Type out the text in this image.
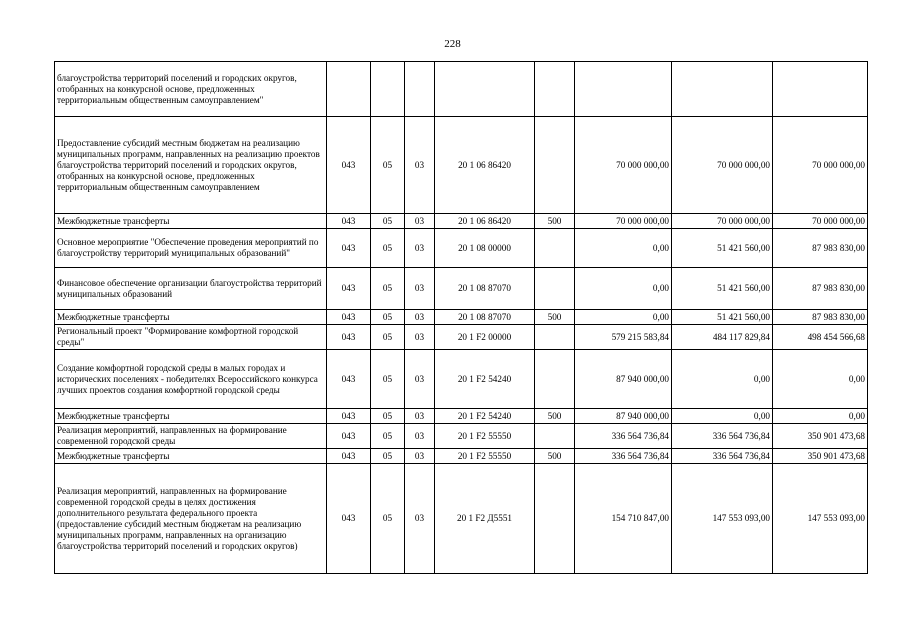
228
благоустройства территорий поселений и городских округов, отобранных на конкурсной основе, предложенных территориальным общественным самоуправлением"								
Предоставление субсидий местным бюджетам на реализацию муниципальных программ, направленных на реализацию проектов благоустройства территорий поселений и городских округов, отобранных на конкурсной основе, предложенных территориальным общественным самоуправлением	043	05	03	20 1 06 86420		70 000 000,00	70 000 000,00	70 000 000,00
Межбюджетные трансферты	043	05	03	20 1 06 86420	500	70 000 000,00	70 000 000,00	70 000 000,00
Основное мероприятие "Обеспечение проведения мероприятий по благоустройству территорий муниципальных образований"	043	05	03	20 1 08 00000		0,00	51 421 560,00	87 983 830,00
Финансовое обеспечение организации благоустройства территорий муниципальных образований	043	05	03	20 1 08 87070		0,00	51 421 560,00	87 983 830,00
Межбюджетные трансферты	043	05	03	20 1 08 87070	500	0,00	51 421 560,00	87 983 830,00
Региональный проект "Формирование комфортной городской среды"	043	05	03	20 1 F2 00000		579 215 583,84	484 117 829,84	498 454 566,68
Создание комфортной городской среды в малых городах и исторических поселениях - победителях Всероссийского конкурса лучших проектов создания комфортной городской среды	043	05	03	20 1 F2 54240		87 940 000,00	0,00	0,00
Межбюджетные трансферты	043	05	03	20 1 F2 54240	500	87 940 000,00	0,00	0,00
Реализация мероприятий, направленных на формирование современной городской среды	043	05	03	20 1 F2 55550		336 564 736,84	336 564 736,84	350 901 473,68
Межбюджетные трансферты	043	05	03	20 1 F2 55550	500	336 564 736,84	336 564 736,84	350 901 473,68
Реализация мероприятий, направленных на формирование современной городской среды в целях достижения дополнительного результата федерального проекта (предоставление субсидий местным бюджетам на реализацию муниципальных программ, направленных на организацию благоустройства территорий поселений и городских округов)	043	05	03	20 1 F2 Д5551		154 710 847,00	147 553 093,00	147 553 093,00
